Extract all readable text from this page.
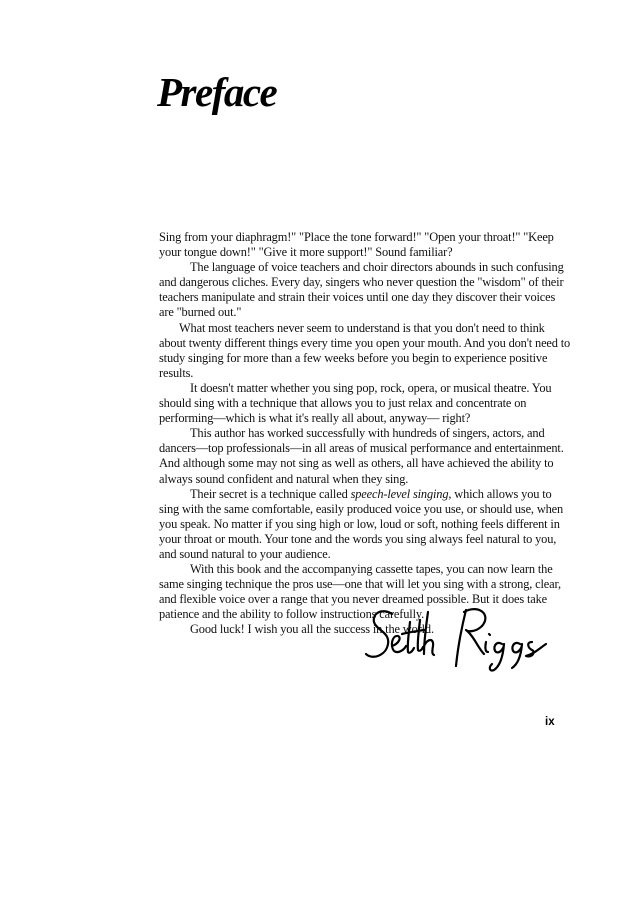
Preface

Sing from your diaphragm!" "Place the tone forward!" "Open your throat!" "Keep your tongue down!" "Give it more support!" Sound familiar?

The language of voice teachers and choir directors abounds in such confusing and dangerous cliches. Every day, singers who never question the "wisdom" of their teachers manipulate and strain their voices until one day they discover their voices are "burned out."

What most teachers never seem to understand is that you don't need to think about twenty different things every time you open your mouth. And you don't need to study singing for more than a few weeks before you begin to experience positive results.

It doesn't matter whether you sing pop, rock, opera, or musical theatre. You should sing with a technique that allows you to just relax and concentrate on performing—which is what it's really all about, anyway— right?

This author has worked successfully with hundreds of singers, actors, and dancers—top professionals—in all areas of musical performance and entertainment. And although some may not sing as well as others, all have achieved the ability to always sound confident and natural when they sing.

Their secret is a technique called speech-level singing, which allows you to sing with the same comfortable, easily produced voice you use, or should use, when you speak. No matter if you sing high or low, loud or soft, nothing feels different in your throat or mouth. Your tone and the words you sing always feel natural to you, and sound natural to your audience.

With this book and the accompanying cassette tapes, you can now learn the same singing technique the pros use—one that will let you sing with a strong, clear, and flexible voice over a range that you never dreamed possible. But it does take patience and the ability to follow instructions carefully.

Good luck! I wish you all the success in the world.

ix
